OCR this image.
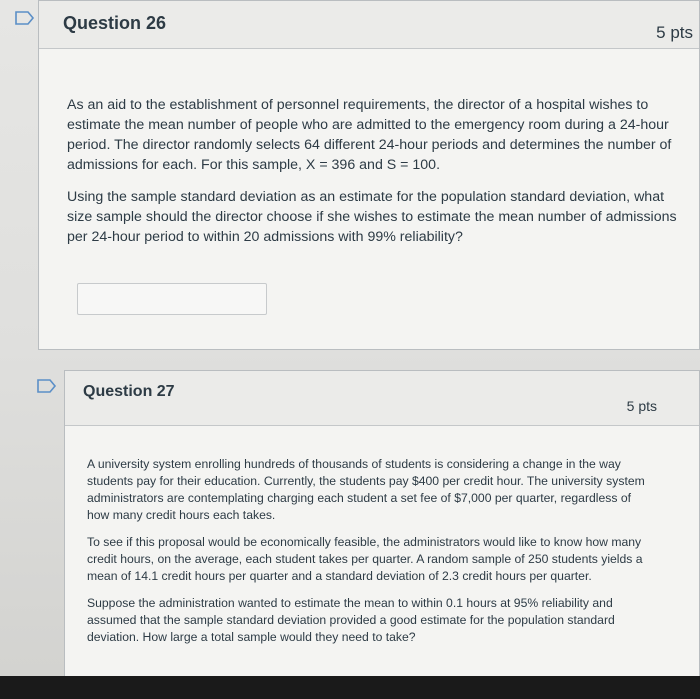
Question 26	5 pts

As an aid to the establishment of personnel requirements, the director of a hospital wishes to estimate the mean number of people who are admitted to the emergency room during a 24-hour period. The director randomly selects 64 different 24-hour periods and determines the number of admissions for each. For this sample, X = 396 and S = 100.

Using the sample standard deviation as an estimate for the population standard deviation, what size sample should the director choose if she wishes to estimate the mean number of admissions per 24-hour period to within 20 admissions with 99% reliability?

Question 27
5 pts

A university system enrolling hundreds of thousands of students is considering a change in the way students pay for their education. Currently, the students pay $400 per credit hour. The university system administrators are contemplating charging each student a set fee of $7,000 per quarter, regardless of how many credit hours each takes.

To see if this proposal would be economically feasible, the administrators would like to know how many credit hours, on the average, each student takes per quarter. A random sample of 250 students yields a mean of 14.1 credit hours per quarter and a standard deviation of 2.3 credit hours per quarter.

Suppose the administration wanted to estimate the mean to within 0.1 hours at 95% reliability and assumed that the sample standard deviation provided a good estimate for the population standard deviation. How large a total sample would they need to take?
